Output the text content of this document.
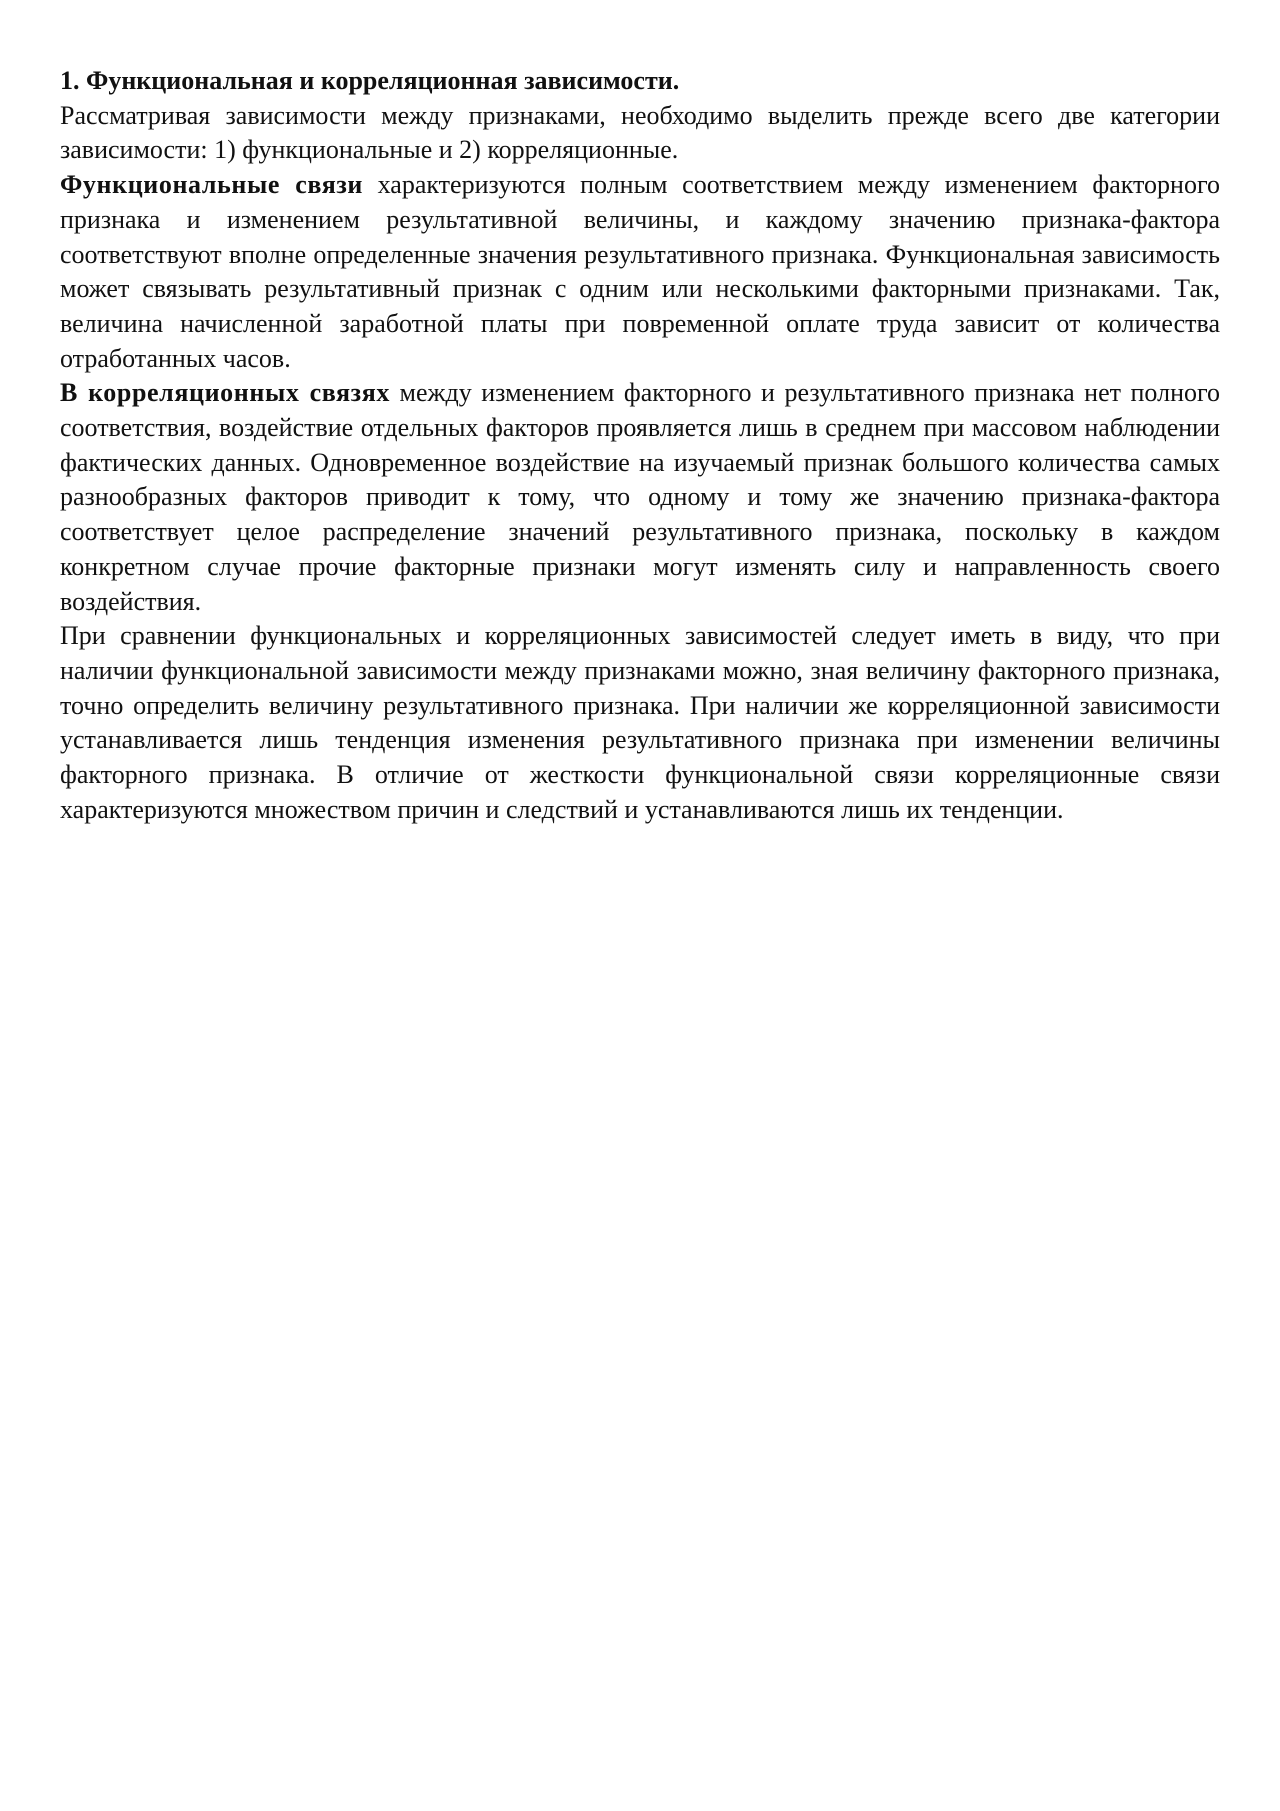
1. Функциональная и корреляционная зависимости.

Рассматривая зависимости между признаками, необходимо выделить прежде всего две категории зависимости: 1) функциональные и 2) корреляционные.

Функциональные связи характеризуются полным соответствием между изменением факторного признака и изменением результативной величины, и каждому значению признака-фактора соответствуют вполне определенные значения результативного признака. Функциональная зависимость может связывать результативный признак с одним или несколькими факторными признаками. Так, величина начисленной заработной платы при повременной оплате труда зависит от количества отработанных часов.

В корреляционных связях между изменением факторного и результативного признака нет полного соответствия, воздействие отдельных факторов проявляется лишь в среднем при массовом наблюдении фактических данных. Одновременное воздействие на изучаемый признак большого количества самых разнообразных факторов приводит к тому, что одному и тому же значению признака-фактора соответствует целое распределение значений результативного признака, поскольку в каждом конкретном случае прочие факторные признаки могут изменять силу и направленность своего воздействия.

При сравнении функциональных и корреляционных зависимостей следует иметь в виду, что при наличии функциональной зависимости между признаками можно, зная величину факторного признака, точно определить величину результативного признака. При наличии же корреляционной зависимости устанавливается лишь тенденция изменения результативного признака при изменении величины факторного признака. В отличие от жесткости функциональной связи корреляционные связи характеризуются множеством причин и следствий и устанавливаются лишь их тенденции.
